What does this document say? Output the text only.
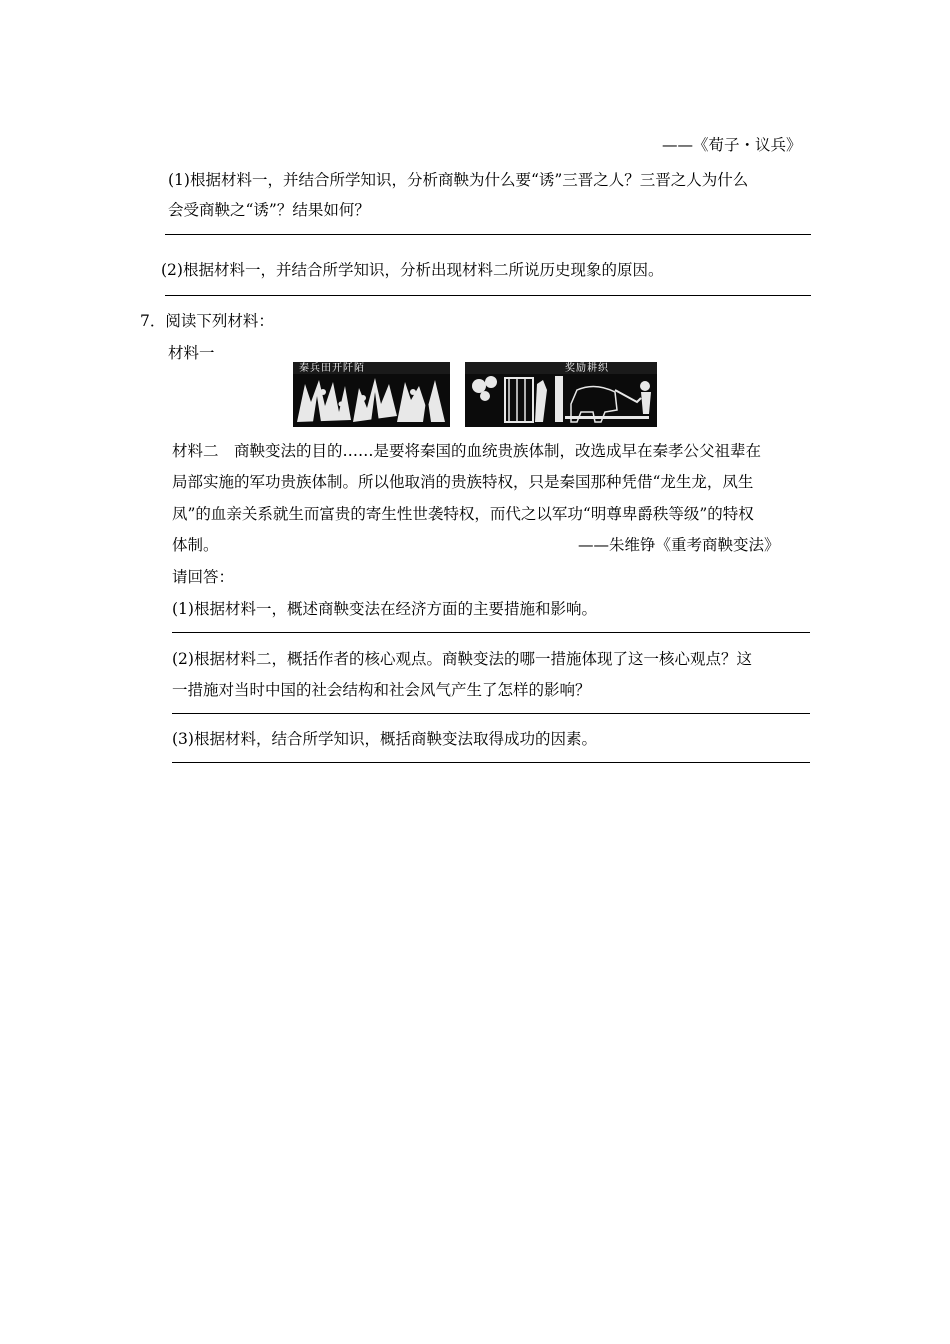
——《荀子・议兵》
(1)根据材料一，并结合所学知识，分析商鞅为什么要“诱”三晋之人？三晋之人为什么
会受商鞅之“诱”？结果如何？
(2)根据材料一，并结合所学知识，分析出现材料二所说历史现象的原因。
7．阅读下列材料：
材料一
秦兵田开阡陌	奖励耕织
材料二　商鞅变法的目的……是要将秦国的血统贵族体制，改选成早在秦孝公父祖辈在
局部实施的军功贵族体制。所以他取消的贵族特权，只是秦国那种凭借“龙生龙，凤生
凤”的血亲关系就生而富贵的寄生性世袭特权，而代之以军功“明尊卑爵秩等级”的特权
体制。	——朱维铮《重考商鞅变法》
请回答：
(1)根据材料一，概述商鞅变法在经济方面的主要措施和影响。
(2)根据材料二，概括作者的核心观点。商鞅变法的哪一措施体现了这一核心观点？这
一措施对当时中国的社会结构和社会风气产生了怎样的影响？
(3)根据材料，结合所学知识，概括商鞅变法取得成功的因素。
